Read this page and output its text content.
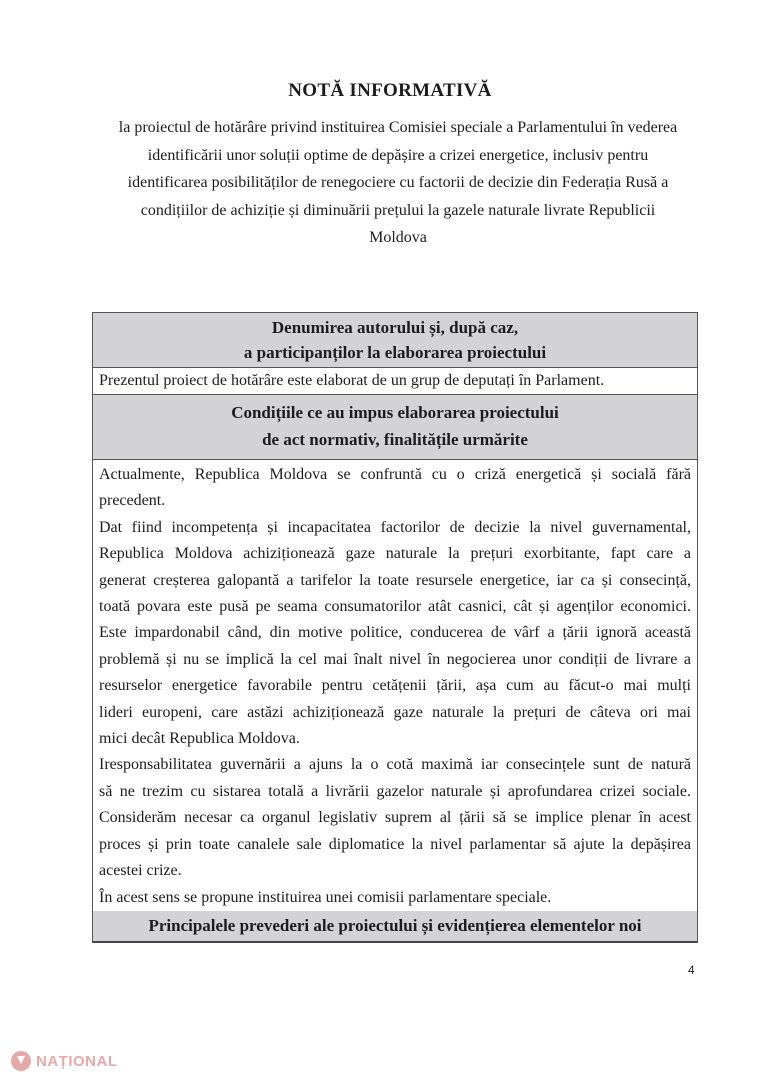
NOTĂ INFORMATIVĂ
la proiectul de hotărâre privind instituirea Comisiei speciale a Parlamentului în vederea
identificării unor soluții optime de depășire a crizei energetice, inclusiv pentru
identificarea posibilităților de renegociere cu factorii de decizie din Federația Rusă a
condițiilor de achiziție și diminuării prețului la gazele naturale livrate Republicii
Moldova
Denumirea autorului și, după caz,
a participanților la elaborarea proiectului
Prezentul proiect de hotărâre este elaborat de un grup de deputați în Parlament.
Condițiile ce au impus elaborarea proiectului
de act normativ, finalitățile urmărite
Actualmente, Republica Moldova se confruntă cu o criză energetică și socială fără
precedent.
Dat fiind incompetența și incapacitatea factorilor de decizie la nivel guvernamental,
Republica Moldova achiziționează gaze naturale la prețuri exorbitante, fapt care a
generat creșterea galopantă a tarifelor la toate resursele energetice, iar ca și consecință,
toată povara este pusă pe seama consumatorilor atât casnici, cât și agenților economici.
Este impardonabil când, din motive politice, conducerea de vârf a țării ignoră această
problemă și nu se implică la cel mai înalt nivel în negocierea unor condiții de livrare a
resurselor energetice favorabile pentru cetățenii țării, așa cum au făcut-o mai mulți
lideri europeni, care astăzi achiziționează gaze naturale la prețuri de câteva ori mai
mici decât Republica Moldova.
Iresponsabilitatea guvernării a ajuns la o cotă maximă iar consecințele sunt de natură
să ne trezim cu sistarea totală a livrării gazelor naturale și aprofundarea crizei sociale.
Considerăm necesar ca organul legislativ suprem al țării să se implice plenar în acest
proces și prin toate canalele sale diplomatice la nivel parlamentar să ajute la depășirea
acestei crize.
În acest sens se propune instituirea unei comisii parlamentare speciale.
Principalele prevederi ale proiectului și evidențierea elementelor noi
4
NAȚIONAL
